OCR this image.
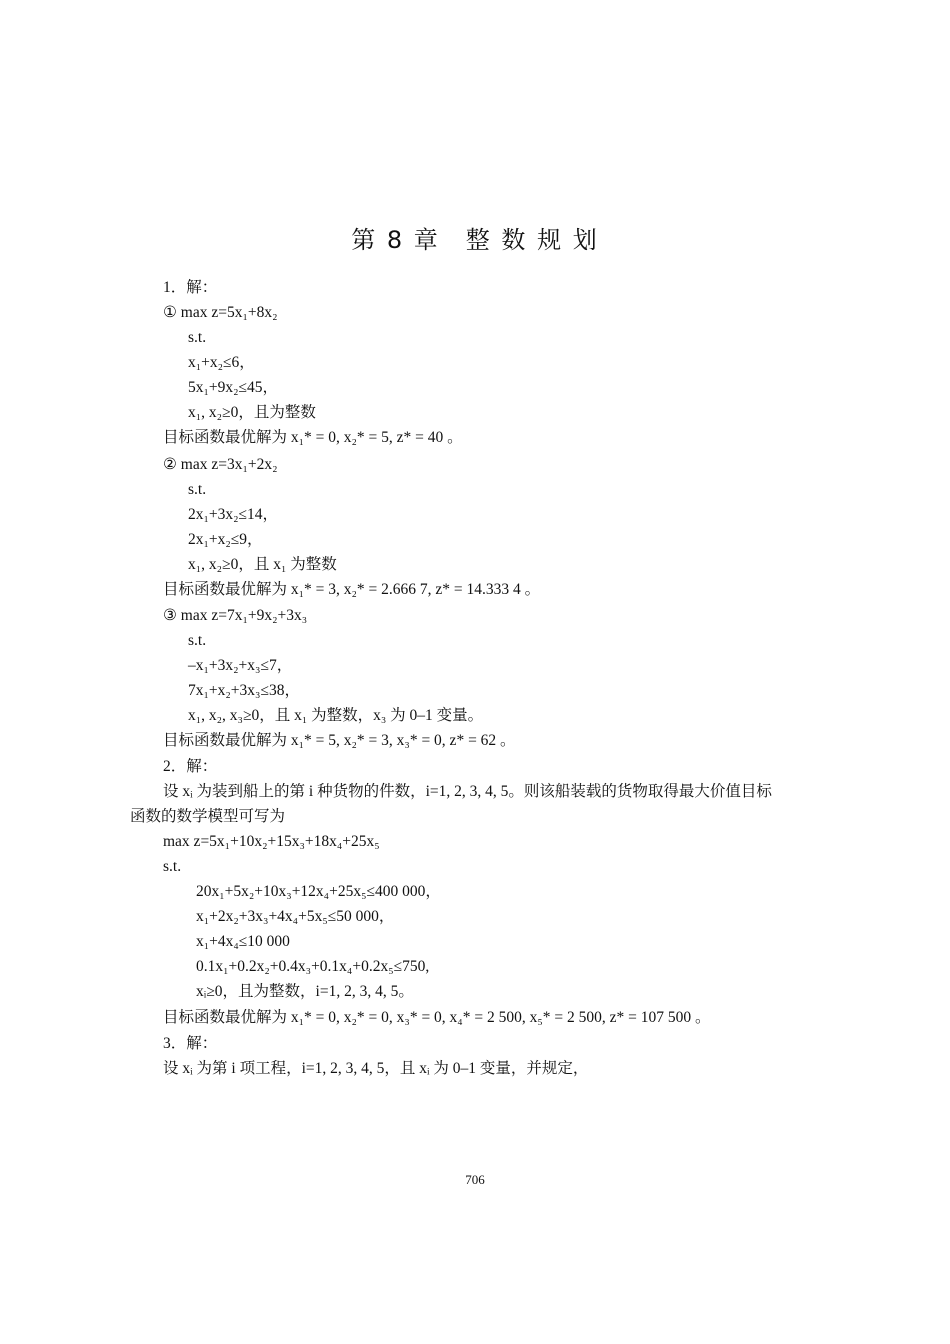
第 8 章　整 数 规 划
1．解：
① max z=5x₁+8x₂
s.t.
x₁+x₂≤6，
5x₁+9x₂≤45，
x₁, x₂≥0，且为整数
目标函数最优解为 x₁* = 0, x₂* = 5, z* = 40 。
② max z=3x₁+2x₂
s.t.
2x₁+3x₂≤14，
2x₁+x₂≤9，
x₁, x₂≥0，且 x₁ 为整数
目标函数最优解为 x₁* = 3, x₂* = 2.666 7, z* = 14.333 4 。
③ max z=7x₁+9x₂+3x₃
s.t.
–x₁+3x₂+x₃≤7，
7x₁+x₂+3x₃≤38，
x₁, x₂, x₃≥0，且 x₁ 为整数，x₃ 为 0–1 变量。
目标函数最优解为 x₁* = 5, x₂* = 3, x₃* = 0, z* = 62 。
2．解：
设 xᵢ 为装到船上的第 i 种货物的件数，i=1, 2, 3, 4, 5。则该船装载的货物取得最大价值目标
函数的数学模型可写为
max z=5x₁+10x₂+15x₃+18x₄+25x₅
s.t.
20x₁+5x₂+10x₃+12x₄+25x₅≤400 000，
x₁+2x₂+3x₃+4x₄+5x₅≤50 000，
x₁+4x₄≤10 000
0.1x₁+0.2x₂+0.4x₃+0.1x₄+0.2x₅≤750,
xᵢ≥0，且为整数，i=1, 2, 3, 4, 5。
目标函数最优解为 x₁* = 0, x₂* = 0, x₃* = 0, x₄* = 2 500, x₅* = 2 500, z* = 107 500 。
3．解：
设 xᵢ 为第 i 项工程，i=1, 2, 3, 4, 5，且 xᵢ 为 0–1 变量，并规定，
706
